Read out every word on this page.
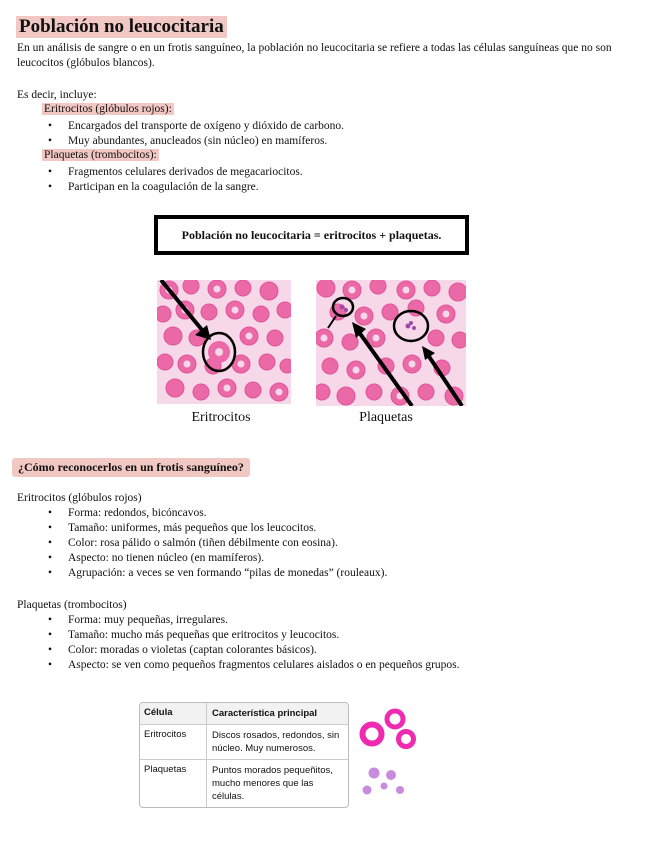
Población no leucocitaria
En un análisis de sangre o en un frotis sanguíneo, la población no leucocitaria se refiere a todas las células sanguíneas que no son leucocitos (glóbulos blancos).
Es decir, incluye:
Eritrocitos (glóbulos rojos):
• Encargados del transporte de oxígeno y dióxido de carbono.
• Muy abundantes, anucleados (sin núcleo) en mamíferos.
Plaquetas (trombocitos):
• Fragmentos celulares derivados de megacariocitos.
• Participan en la coagulación de la sangre.
Población no leucocitaria = eritrocitos + plaquetas.
Eritrocitos	Plaquetas
¿Cómo reconocerlos en un frotis sanguíneo?
Eritrocitos (glóbulos rojos)
• Forma: redondos, bicóncavos.
• Tamaño: uniformes, más pequeños que los leucocitos.
• Color: rosa pálido o salmón (tiñen débilmente con eosina).
• Aspecto: no tienen núcleo (en mamíferos).
• Agrupación: a veces se ven formando “pilas de monedas” (rouleaux).
Plaquetas (trombocitos)
• Forma: muy pequeñas, irregulares.
• Tamaño: mucho más pequeñas que eritrocitos y leucocitos.
• Color: moradas o violetas (captan colorantes básicos).
• Aspecto: se ven como pequeños fragmentos celulares aislados o en pequeños grupos.
Célula	Característica principal
Eritrocitos	Discos rosados, redondos, sin núcleo. Muy numerosos.
Plaquetas	Puntos morados pequeñitos, mucho menores que las células.
